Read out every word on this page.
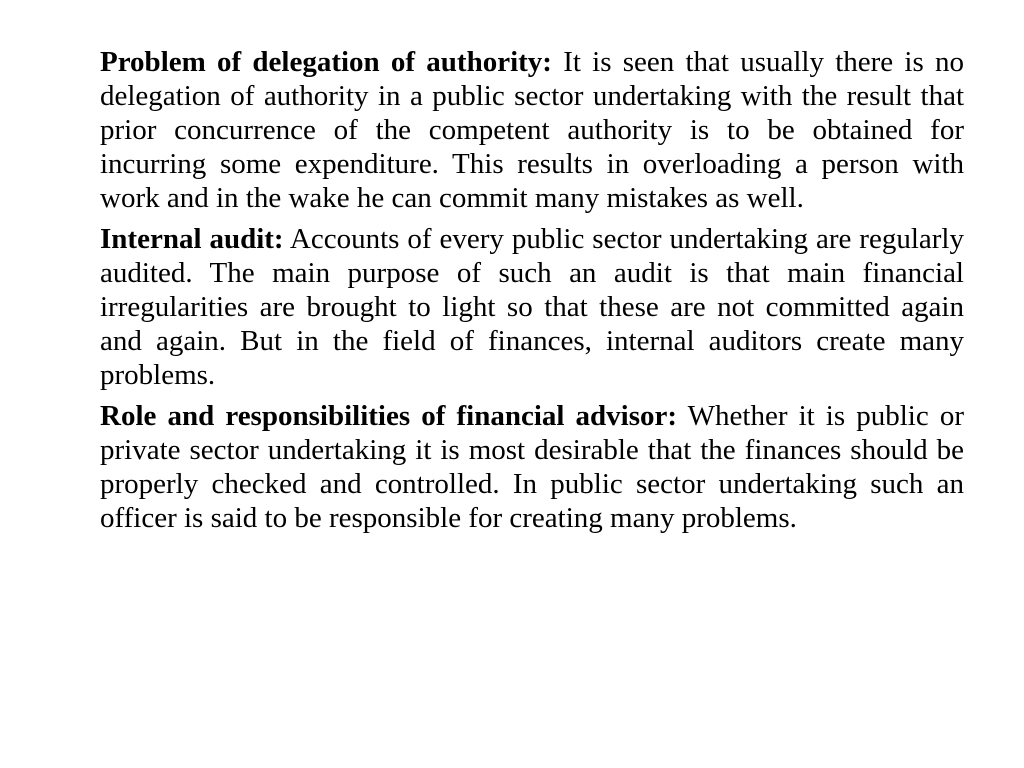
Problem of delegation of authority: It is seen that usually there is no delegation of authority in a public sector undertaking with the result that prior concurrence of the competent authority is to be obtained for incurring some expenditure. This results in overloading a person with work and in the wake he can commit many mistakes as well.

Internal audit: Accounts of every public sector undertaking are regularly audited. The main purpose of such an audit is that main financial irregularities are brought to light so that these are not committed again and again. But in the field of finances, internal auditors create many problems.

Role and responsibilities of financial advisor: Whether it is public or private sector undertaking it is most desirable that the finances should be properly checked and controlled. In public sector undertaking such an officer is said to be responsible for creating many problems.
